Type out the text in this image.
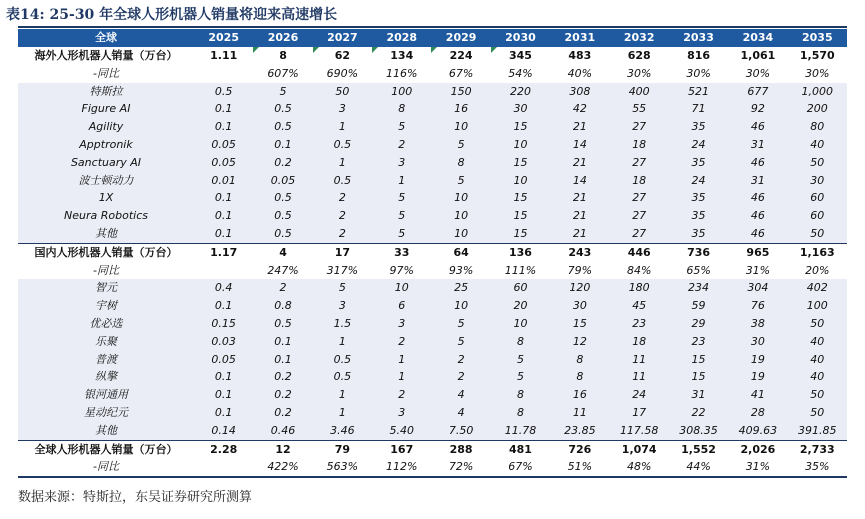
表14: 25-30 年全球人形机器人销量将迎来高速增长
全球	2025	2026	2027	2028	2029	2030	2031	2032	2033	2034	2035
海外人形机器人销量（万台）	1.11	8	62	134	224	345	483	628	816	1,061	1,570
-同比		607%	690%	116%	67%	54%	40%	30%	30%	30%	30%
特斯拉	0.5	5	50	100	150	220	308	400	521	677	1,000
Figure AI	0.1	0.5	3	8	16	30	42	55	71	92	200
Agility	0.1	0.5	1	5	10	15	21	27	35	46	80
Apptronik	0.05	0.1	0.5	2	5	10	14	18	24	31	40
Sanctuary AI	0.05	0.2	1	3	8	15	21	27	35	46	50
波士顿动力	0.01	0.05	0.5	1	5	10	14	18	24	31	30
1X	0.1	0.5	2	5	10	15	21	27	35	46	60
Neura Robotics	0.1	0.5	2	5	10	15	21	27	35	46	60
其他	0.1	0.5	2	5	10	15	21	27	35	46	50
国内人形机器人销量（万台）	1.17	4	17	33	64	136	243	446	736	965	1,163
-同比		247%	317%	97%	93%	111%	79%	84%	65%	31%	20%
智元	0.4	2	5	10	25	60	120	180	234	304	402
宇树	0.1	0.8	3	6	10	20	30	45	59	76	100
优必选	0.15	0.5	1.5	3	5	10	15	23	29	38	50
乐聚	0.03	0.1	1	2	5	8	12	18	23	30	40
普渡	0.05	0.1	0.5	1	2	5	8	11	15	19	40
纵擎	0.1	0.2	0.5	1	2	5	8	11	15	19	40
银河通用	0.1	0.2	1	2	4	8	16	24	31	41	50
星动纪元	0.1	0.2	1	3	4	8	11	17	22	28	50
其他	0.14	0.46	3.46	5.40	7.50	11.78	23.85	117.58	308.35	409.63	391.85
全球人形机器人销量（万台）	2.28	12	79	167	288	481	726	1,074	1,552	2,026	2,733
-同比		422%	563%	112%	72%	67%	51%	48%	44%	31%	35%
数据来源：特斯拉，东吴证券研究所测算
